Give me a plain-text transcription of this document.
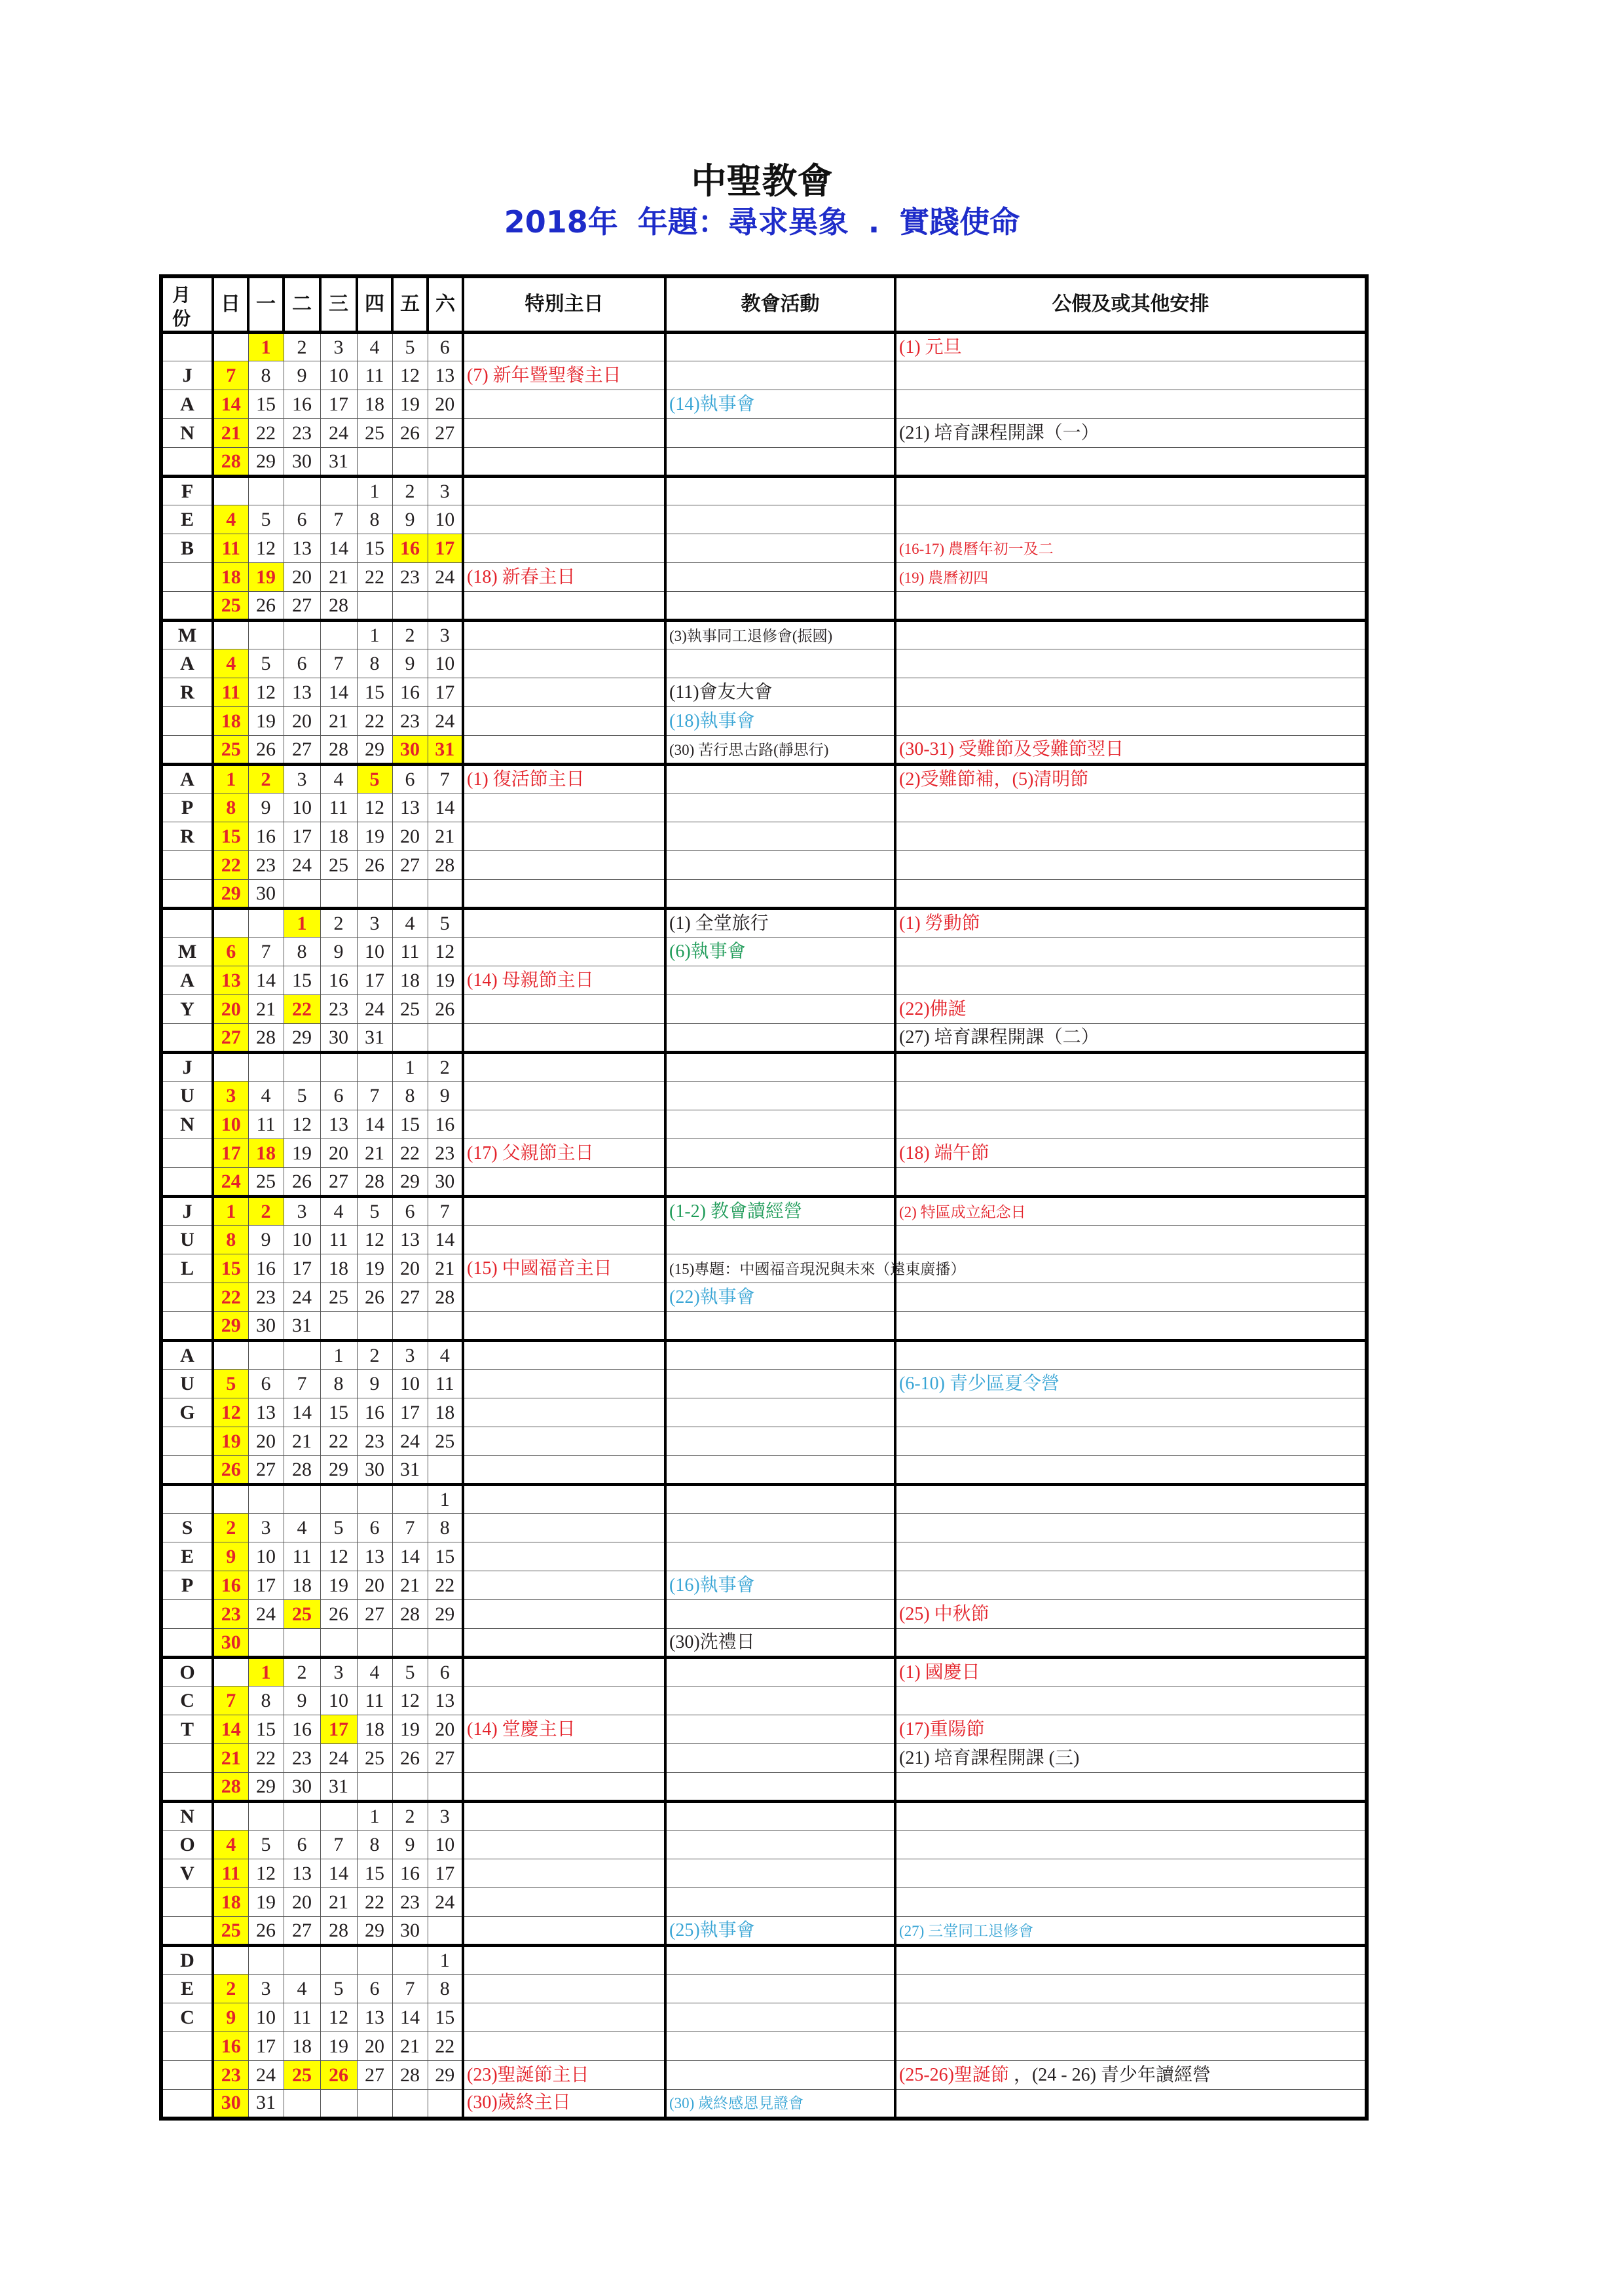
中聖教會
2018年 年題：尋求異象 . 實踐使命
月份	日	一	二	三	四	五	六	特別主日	教會活動	公假及或其他安排
		1	2	3	4	5	6			(1) 元旦
J	7	8	9	10	11	12	13	(7) 新年暨聖餐主日		
A	14	15	16	17	18	19	20		(14)執事會	
N	21	22	23	24	25	26	27			(21) 培育課程開課（一）
	28	29	30	31						
F					1	2	3			
E	4	5	6	7	8	9	10			
B	11	12	13	14	15	16	17			(16-17) 農曆年初一及二
	18	19	20	21	22	23	24	(18) 新春主日		(19) 農曆初四
	25	26	27	28						
M					1	2	3		(3)執事同工退修會(振國)	
A	4	5	6	7	8	9	10			
R	11	12	13	14	15	16	17		(11)會友大會	
	18	19	20	21	22	23	24		(18)執事會	
	25	26	27	28	29	30	31		(30) 苦行思古路(靜思行)	(30-31) 受難節及受難節翌日
A	1	2	3	4	5	6	7	(1) 復活節主日		(2)受難節補，(5)清明節
P	8	9	10	11	12	13	14			
R	15	16	17	18	19	20	21			
	22	23	24	25	26	27	28			
	29	30								
			1	2	3	4	5		(1) 全堂旅行	(1) 勞動節
M	6	7	8	9	10	11	12		(6)執事會	
A	13	14	15	16	17	18	19	(14) 母親節主日		
Y	20	21	22	23	24	25	26			(22)佛誕
	27	28	29	30	31					(27) 培育課程開課（二）
J						1	2			
U	3	4	5	6	7	8	9			
N	10	11	12	13	14	15	16			
	17	18	19	20	21	22	23	(17) 父親節主日		(18) 端午節
	24	25	26	27	28	29	30			
J	1	2	3	4	5	6	7		(1-2) 教會讀經營	(2) 特區成立紀念日
U	8	9	10	11	12	13	14			
L	15	16	17	18	19	20	21	(15) 中國福音主日	(15)專題：中國福音現況與未來（遠東廣播）	
	22	23	24	25	26	27	28		(22)執事會	
	29	30	31							
A				1	2	3	4			
U	5	6	7	8	9	10	11			(6-10) 青少區夏令營
G	12	13	14	15	16	17	18			
	19	20	21	22	23	24	25			
	26	27	28	29	30	31				
							1			
S	2	3	4	5	6	7	8			
E	9	10	11	12	13	14	15			
P	16	17	18	19	20	21	22		(16)執事會	
	23	24	25	26	27	28	29			(25) 中秋節
	30								(30)洗禮日	
O		1	2	3	4	5	6			(1) 國慶日
C	7	8	9	10	11	12	13			
T	14	15	16	17	18	19	20	(14) 堂慶主日		(17)重陽節
	21	22	23	24	25	26	27			(21) 培育課程開課 (三)
	28	29	30	31						
N					1	2	3			
O	4	5	6	7	8	9	10			
V	11	12	13	14	15	16	17			
	18	19	20	21	22	23	24			
	25	26	27	28	29	30			(25)執事會	(27) 三堂同工退修會
D							1			
E	2	3	4	5	6	7	8			
C	9	10	11	12	13	14	15			
	16	17	18	19	20	21	22			
	23	24	25	26	27	28	29	(23)聖誕節主日		(25-26)聖誕節 ，(24 - 26) 青少年讀經營
	30	31						(30)歲終主日	(30) 歲終感恩見證會	
